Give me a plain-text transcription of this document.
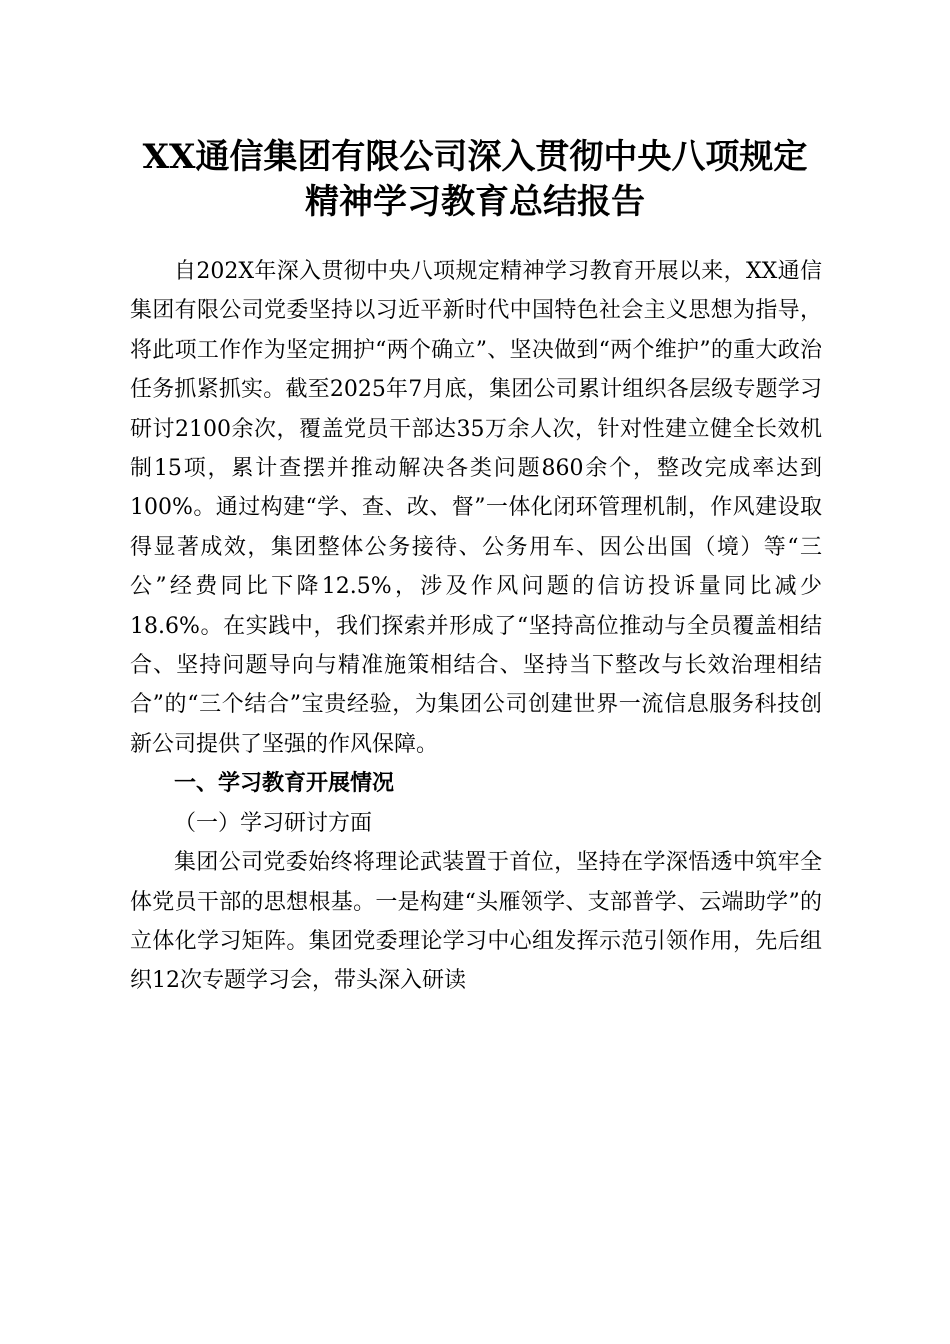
XX通信集团有限公司深入贯彻中央八项规定
精神学习教育总结报告

自202X年深入贯彻中央八项规定精神学习教育开展以来，XX通信集团有限公司党委坚持以习近平新时代中国特色社会主义思想为指导，将此项工作作为坚定拥护“两个确立”、坚决做到“两个维护”的重大政治任务抓紧抓实。截至2025年7月底，集团公司累计组织各层级专题学习研讨2100余次，覆盖党员干部达35万余人次，针对性建立健全长效机制15项，累计查摆并推动解决各类问题860余个，整改完成率达到100%。通过构建“学、查、改、督”一体化闭环管理机制，作风建设取得显著成效，集团整体公务接待、公务用车、因公出国（境）等“三公”经费同比下降12.5%，涉及作风问题的信访投诉量同比减少18.6%。在实践中，我们探索并形成了“坚持高位推动与全员覆盖相结合、坚持问题导向与精准施策相结合、坚持当下整改与长效治理相结合”的“三个结合”宝贵经验，为集团公司创建世界一流信息服务科技创新公司提供了坚强的作风保障。

一、学习教育开展情况

（一）学习研讨方面

集团公司党委始终将理论武装置于首位，坚持在学深悟透中筑牢全体党员干部的思想根基。一是构建“头雁领学、支部普学、云端助学”的立体化学习矩阵。集团党委理论学习中心组发挥示范引领作用，先后组织12次专题学习会，带头深入研读
